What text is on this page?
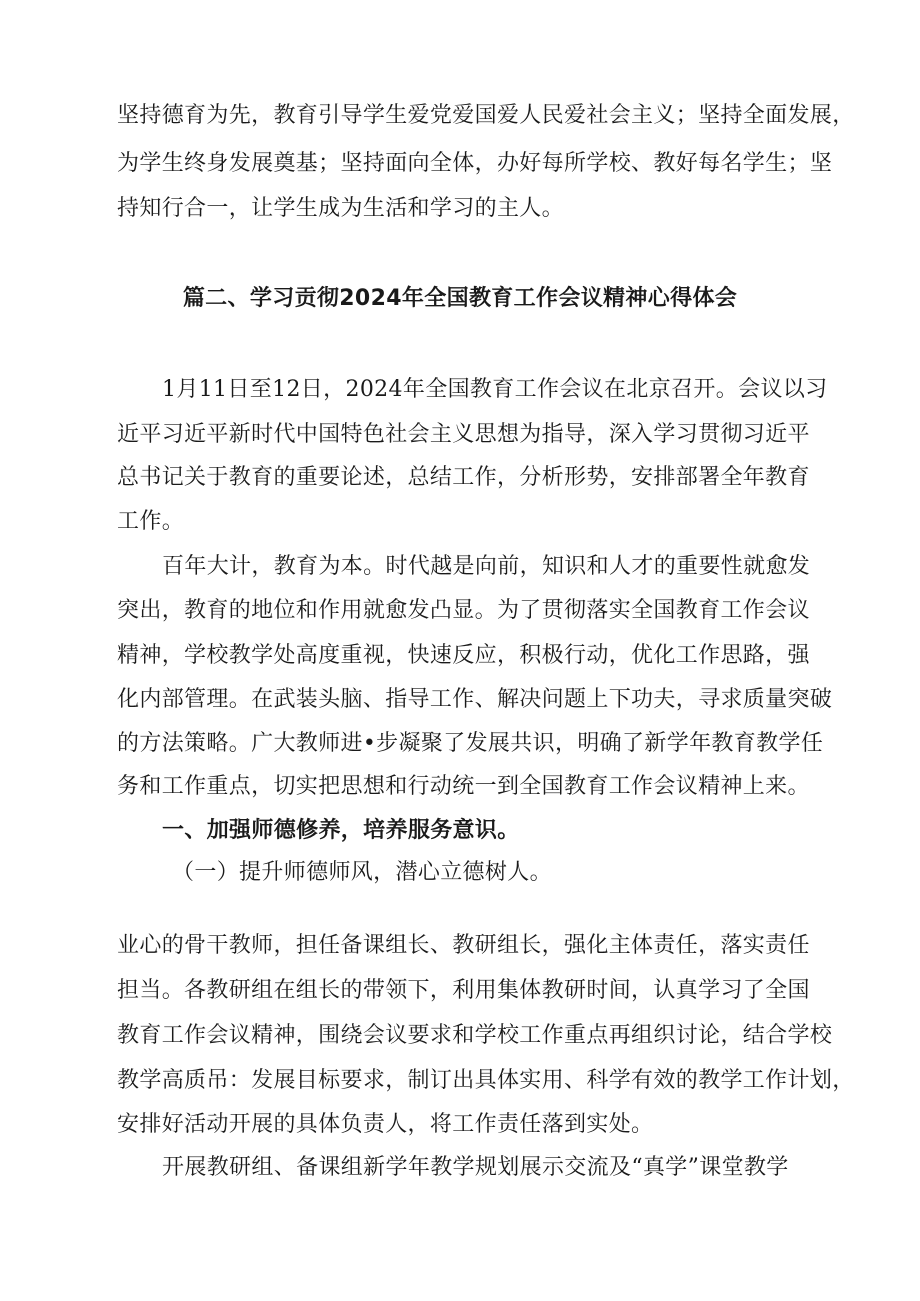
坚持德育为先，教育引导学生爱党爱国爱人民爱社会主义；坚持全面发展，
为学生终身发展奠基；坚持面向全体，办好每所学校、教好每名学生；坚
持知行合一，让学生成为生活和学习的主人。
篇二、学习贡彻2024年全国教育工作会议精神心得体会
1月11日至12日，2024年全国教育工作会议在北京召开。会议以习
近平习近平新时代中国特色社会主义思想为指导，深入学习贯彻习近平
总书记关于教育的重要论述，总结工作，分析形势，安排部署全年教育
工作。
百年大计，教育为本。时代越是向前，知识和人才的重要性就愈发
突出，教育的地位和作用就愈发凸显。为了贯彻落实全国教育工作会议
精神，学校教学处高度重视，快速反应，积极行动，优化工作思路，强
化内部管理。在武装头脑、指导工作、解决问题上下功夫，寻求质量突破
的方法策略。广大教师进•步凝聚了发展共识，明确了新学年教育教学任
务和工作重点，切实把思想和行动统一到全国教育工作会议精神上来。
一、加强师德修养，培养服务意识。
（一）提升师德师风，潜心立德树人。
业心的骨干教师，担任备课组长、教研组长，强化主体责任，落实责任
担当。各教研组在组长的带领下，利用集体教研时间，认真学习了全国
教育工作会议精神，围绕会议要求和学校工作重点再组织讨论，结合学校
教学高质吊：发展目标要求，制订出具体实用、科学有效的教学工作计划，
安排好活动开展的具体负责人，将工作责任落到实处。
开展教研组、备课组新学年教学规划展示交流及“真学”课堂教学
